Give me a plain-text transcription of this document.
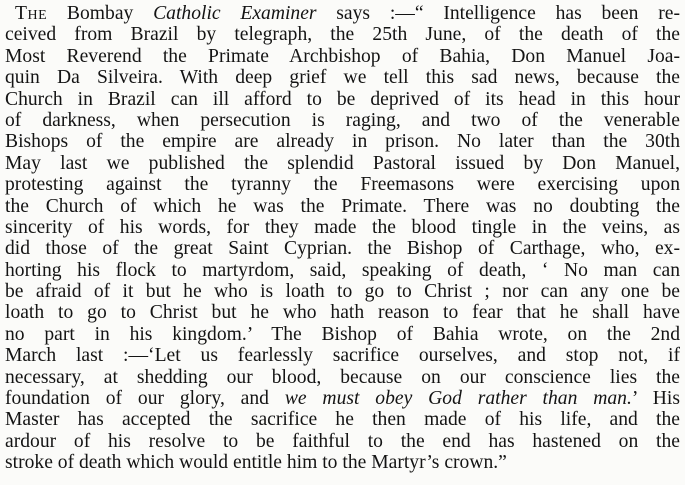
The Bombay Catholic Examiner says :—“ Intelligence has been re-
ceived from Brazil by telegraph, the 25th June, of the death of the
Most Reverend the Primate Archbishop of Bahia, Don Manuel Joa-
quin Da Silveira. With deep grief we tell this sad news, because the
Church in Brazil can ill afford to be deprived of its head in this hour
of darkness, when persecution is raging, and two of the venerable
Bishops of the empire are already in prison. No later than the 30th
May last we published the splendid Pastoral issued by Don Manuel,
protesting against the tyranny the Freemasons were exercising upon
the Church of which he was the Primate. There was no doubting the
sincerity of his words, for they made the blood tingle in the veins, as
did those of the great Saint Cyprian. the Bishop of Carthage, who, ex-
horting his flock to martyrdom, said, speaking of death, ‘ No man can
be afraid of it but he who is loath to go to Christ ; nor can any one be
loath to go to Christ but he who hath reason to fear that he shall have
no part in his kingdom.’ The Bishop of Bahia wrote, on the 2nd
March last :—‘Let us fearlessly sacrifice ourselves, and stop not, if
necessary, at shedding our blood, because on our conscience lies the
foundation of our glory, and we must obey God rather than man.’ His
Master has accepted the sacrifice he then made of his life, and the
ardour of his resolve to be faithful to the end has hastened on the
stroke of death which would entitle him to the Martyr’s crown.”
